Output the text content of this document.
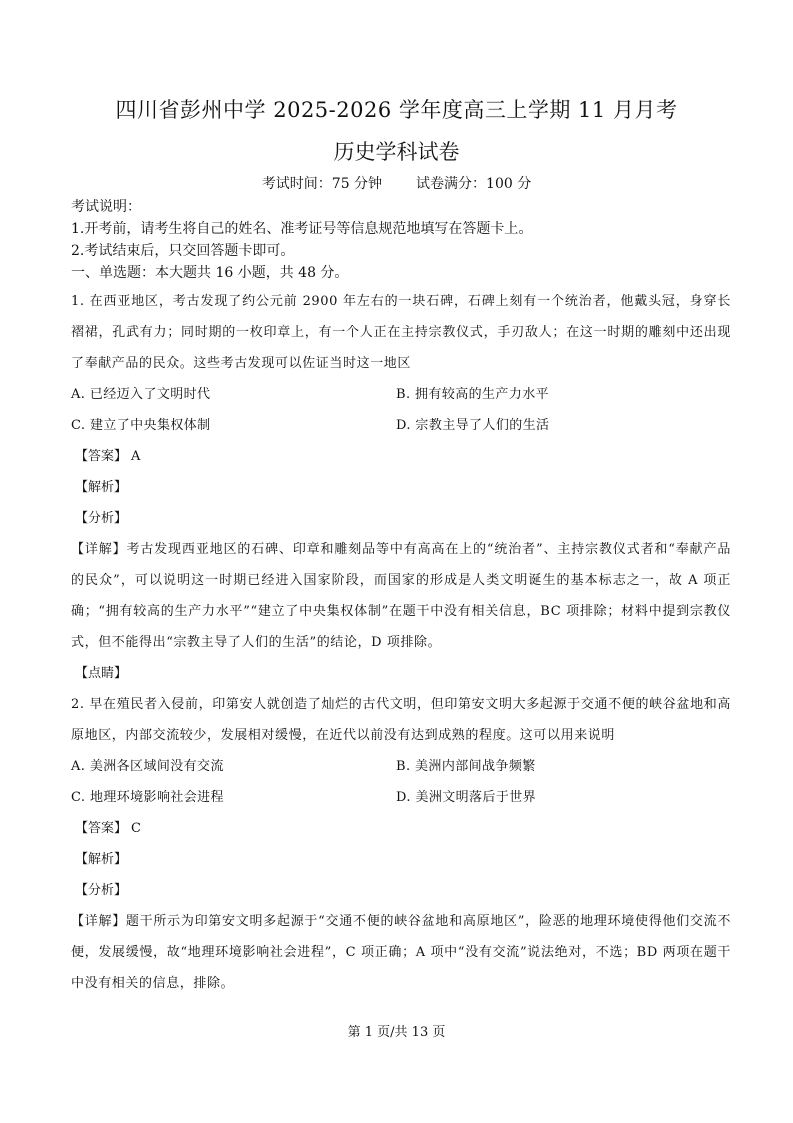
四川省彭州中学 2025-2026 学年度高三上学期 11 月月考
历史学科试卷
考试时间：75 分钟 试卷满分：100 分
考试说明：
1.开考前，请考生将自己的姓名、准考证号等信息规范地填写在答题卡上。
2.考试结束后，只交回答题卡即可。
一、单选题：本大题共 16 小题，共 48 分。
1. 在西亚地区，考古发现了约公元前 2900 年左右的一块石碑，石碑上刻有一个统治者，他戴头冠，身穿长褶裙，孔武有力；同时期的一枚印章上，有一个人正在主持宗教仪式，手刃敌人；在这一时期的雕刻中还出现了奉献产品的民众。这些考古发现可以佐证当时这一地区
A. 已经迈入了文明时代	B. 拥有较高的生产力水平
C. 建立了中央集权体制	D. 宗教主导了人们的生活
【答案】 A
【解析】
【分析】
【详解】考古发现西亚地区的石碑、印章和雕刻品等中有高高在上的“统治者”、主持宗教仪式者和“奉献产品的民众”，可以说明这一时期已经进入国家阶段，而国家的形成是人类文明诞生的基本标志之一，故 A 项正确；“拥有较高的生产力水平”“建立了中央集权体制”在题干中没有相关信息，BC 项排除；材料中提到宗教仪式，但不能得出“宗教主导了人们的生活”的结论，D 项排除。
【点睛】
2. 早在殖民者入侵前，印第安人就创造了灿烂的古代文明，但印第安文明大多起源于交通不便的峡谷盆地和高原地区，内部交流较少，发展相对缓慢，在近代以前没有达到成熟的程度。这可以用来说明
A. 美洲各区域间没有交流	B. 美洲内部间战争频繁
C. 地理环境影响社会进程	D. 美洲文明落后于世界
【答案】 C
【解析】
【分析】
【详解】题干所示为印第安文明多起源于“交通不便的峡谷盆地和高原地区”，险恶的地理环境使得他们交流不便，发展缓慢，故“地理环境影响社会进程”，C 项正确；A 项中“没有交流”说法绝对，不选；BD 两项在题干中没有相关的信息，排除。
第 1 页/共 13 页
